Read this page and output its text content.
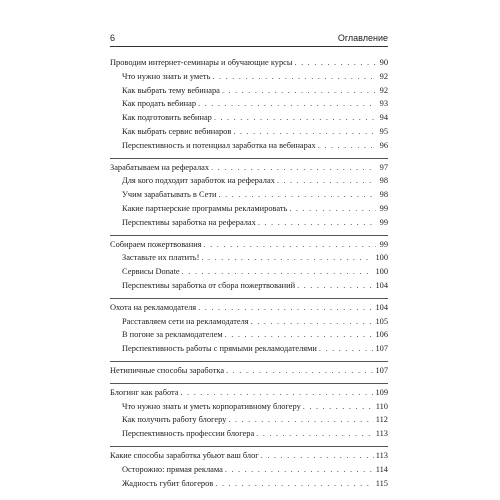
6	Оглавление
Проводим интернет-семинары и обучающие курсы . . .	90
Что нужно знать и уметь . . .	92
Как выбрать тему вебинара . . .	92
Как продать вебинар . . .	93
Как подготовить вебинар . . .	94
Как выбрать сервис вебинаров . . .	95
Перспективность и потенциал заработка на вебинарах . . .	96
Зарабатываем на рефералах . . .	97
Для кого подходит заработок на рефералах . . .	98
Учим зарабатывать в Сети . . .	98
Какие партнерские программы рекламировать . . .	99
Перспективы заработка на рефералах . . .	99
Собираем пожертвования . . .	99
Заставьте их платить! . . .	100
Сервисы Donate . . .	100
Перспективы заработка от сбора пожертвований . . .	104
Охота на рекламодателя . . .	104
Расставляем сети на рекламодателя . . .	105
В погоне за рекламодателем . . .	106
Перспективность работы с прямыми рекламодателями . . .	107
Нетипичные способы заработка . . .	107
Блогинг как работа . . .	109
Что нужно знать и уметь корпоративному блогеру . . .	110
Как получить работу блогеру . . .	112
Перспективность профессии блогера . . .	113
Какие способы заработка убьют ваш блог . . .	113
Осторожно: прямая реклама . . .	114
Жадность губит блогеров . . .	115
